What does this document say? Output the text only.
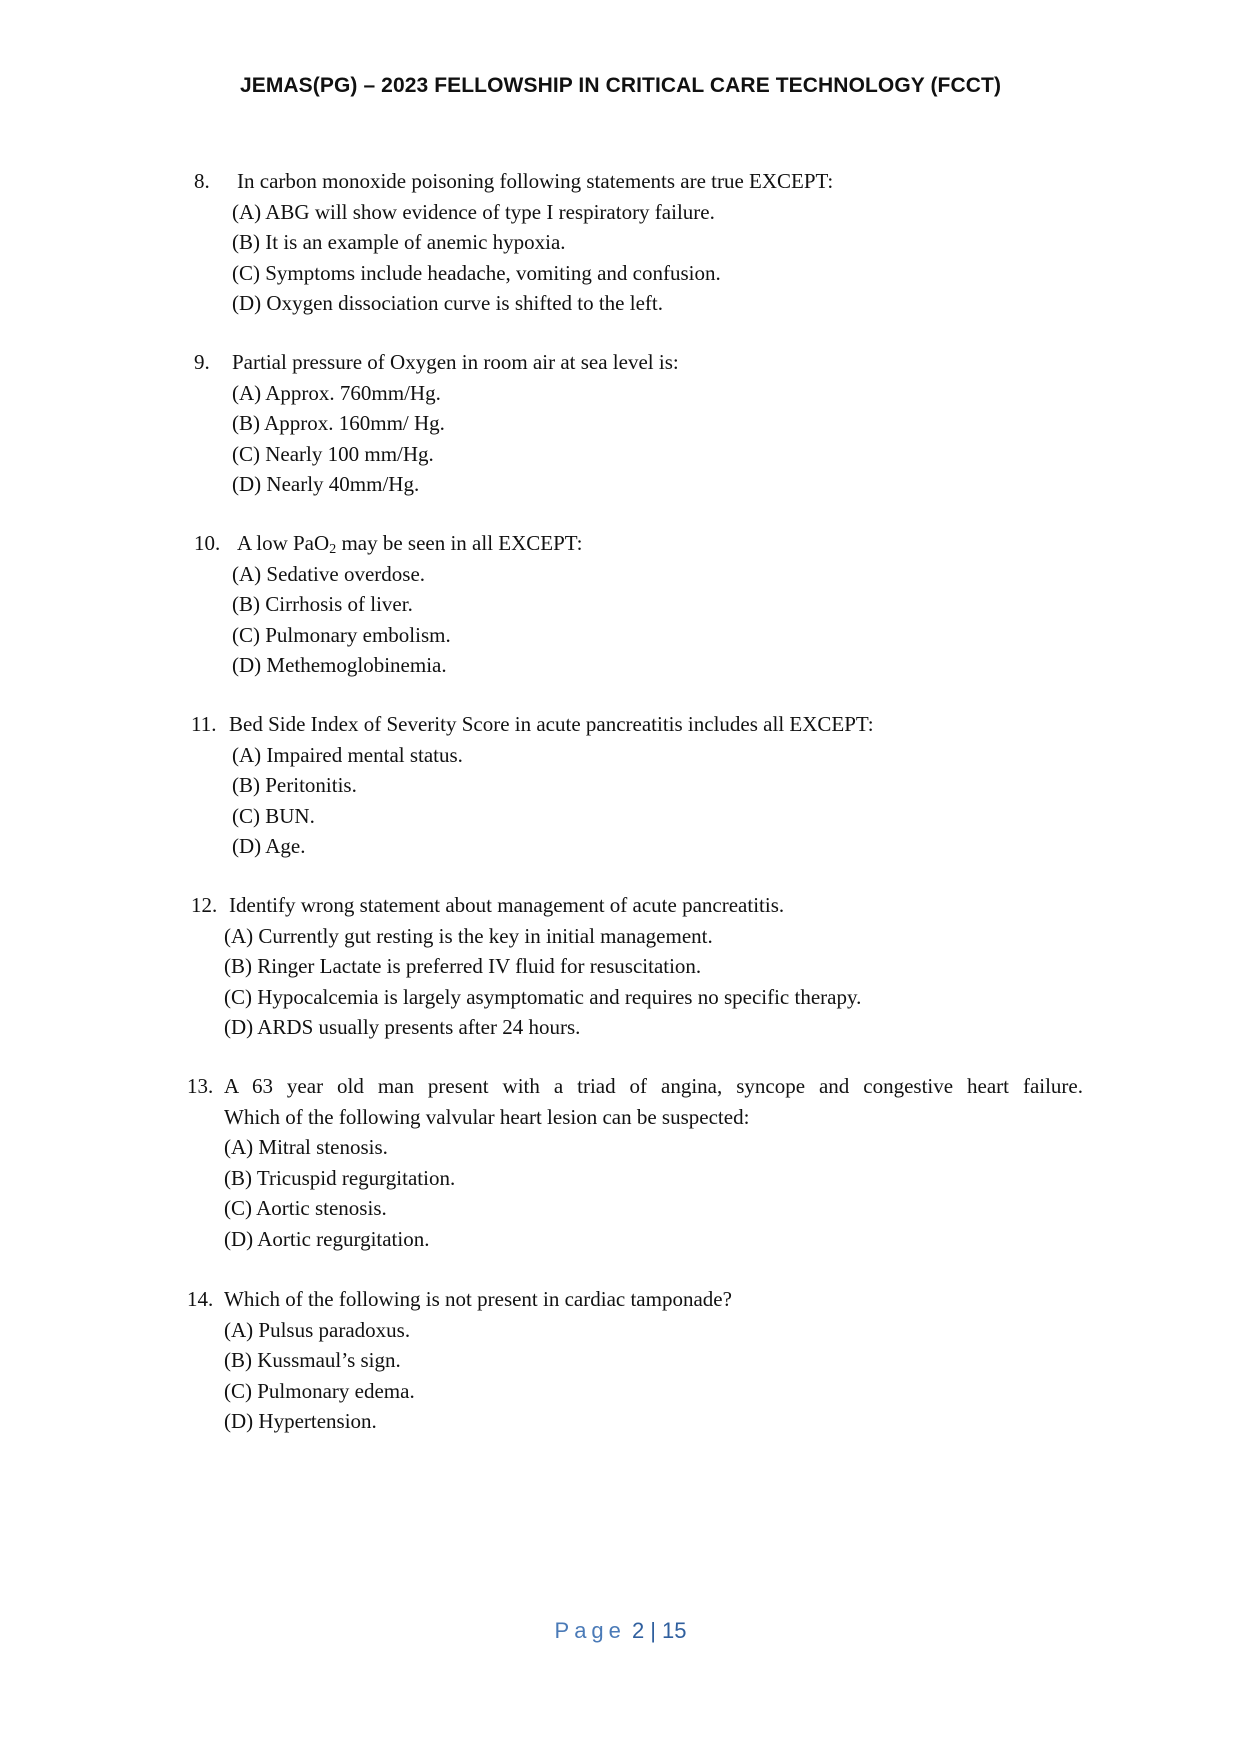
JEMAS(PG) – 2023 FELLOWSHIP IN CRITICAL CARE TECHNOLOGY (FCCT)
8.	In carbon monoxide poisoning following statements are true EXCEPT:
(A) ABG will show evidence of type I respiratory failure.
(B) It is an example of anemic hypoxia.
(C) Symptoms include headache, vomiting and confusion.
(D) Oxygen dissociation curve is shifted to the left.
9.	Partial pressure of Oxygen in room air at sea level is:
(A) Approx. 760mm/Hg.
(B) Approx. 160mm/ Hg.
(C) Nearly 100 mm/Hg.
(D) Nearly 40mm/Hg.
10. A low PaO$_2$ may be seen in all EXCEPT:
(A) Sedative overdose.
(B) Cirrhosis of liver.
(C) Pulmonary embolism.
(D) Methemoglobinemia.
11. Bed Side Index of Severity Score in acute pancreatitis includes all EXCEPT:
(A) Impaired mental status.
(B) Peritonitis.
(C) BUN.
(D) Age.
12. Identify wrong statement about management of acute pancreatitis.
(A) Currently gut resting is the key in initial management.
(B) Ringer Lactate is preferred IV fluid for resuscitation.
(C) Hypocalcemia is largely asymptomatic and requires no specific therapy.
(D) ARDS usually presents after 24 hours.
13. A 63 year old man present with a triad of angina, syncope and congestive heart failure.
Which of the following valvular heart lesion can be suspected:
(A) Mitral stenosis.
(B) Tricuspid regurgitation.
(C) Aortic stenosis.
(D) Aortic regurgitation.
14. Which of the following is not present in cardiac tamponade?
(A) Pulsus paradoxus.
(B) Kussmaul’s sign.
(C) Pulmonary edema.
(D) Hypertension.
Page 2 | 15
